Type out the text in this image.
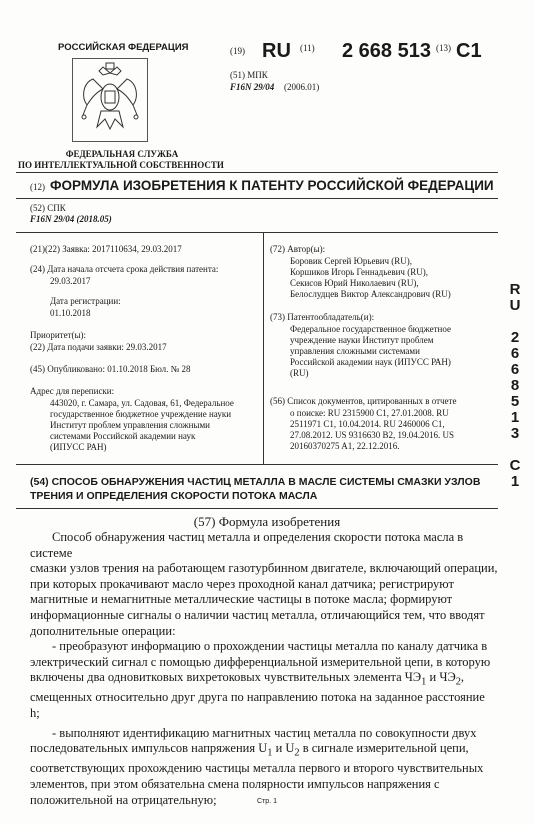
РОССИЙСКАЯ ФЕДЕРАЦИЯ	(19) RU (11) 2 668 513 (13) C1
(51) МПК
F16N 29/04 (2006.01)
ФЕДЕРАЛЬНАЯ СЛУЖБА
ПО ИНТЕЛЛЕКТУАЛЬНОЙ СОБСТВЕННОСТИ
(12) ФОРМУЛА ИЗОБРЕТЕНИЯ К ПАТЕНТУ РОССИЙСКОЙ ФЕДЕРАЦИИ
(52) СПК
F16N 29/04 (2018.05)
(21)(22) Заявка: 2017110634, 29.03.2017
(24) Дата начала отсчета срока действия патента:
29.03.2017
Дата регистрации:
01.10.2018
Приоритет(ы):
(22) Дата подачи заявки: 29.03.2017
(45) Опубликовано: 01.10.2018 Бюл. № 28
Адрес для переписки:
443020, г. Самара, ул. Садовая, 61, Федеральное
государственное бюджетное учреждение науки
Институт проблем управления сложными
системами Российской академии наук
(ИПУСС РАН)
(72) Автор(ы):
Боровик Сергей Юрьевич (RU),
Коршиков Игорь Геннадьевич (RU),
Секисов Юрий Николаевич (RU),
Белослудцев Виктор Александрович (RU)
(73) Патентообладатель(и):
Федеральное государственное бюджетное
учреждение науки Институт проблем
управления сложными системами
Российской академии наук (ИПУСС РАН)
(RU)
(56) Список документов, цитированных в отчете
о поиске: RU 2315900 C1, 27.01.2008. RU
2511971 C1, 10.04.2014. RU 2460006 C1,
27.08.2012. US 9316630 B2, 19.04.2016. US
20160370275 A1, 22.12.2016.
R
U
2
6
6
8
5
1
3
C
1
(54) СПОСОБ ОБНАРУЖЕНИЯ ЧАСТИЦ МЕТАЛЛА В МАСЛЕ СИСТЕМЫ СМАЗКИ УЗЛОВ
ТРЕНИЯ И ОПРЕДЕЛЕНИЯ СКОРОСТИ ПОТОКА МАСЛА
(57) Формула изобретения

Способ обнаружения частиц металла и определения скорости потока масла в системе

смазки узлов трения на работающем газотурбинном двигателе, включающий операции,

при которых прокачивают масло через проходной канал датчика; регистрируют

магнитные и немагнитные металлические частицы в потоке масла; формируют

информационные сигналы о наличии частиц металла, отличающийся тем, что вводят

дополнительные операции:

- преобразуют информацию о прохождении частицы металла по каналу датчика в

электрический сигнал с помощью дифференциальной измерительной цепи, в которую

включены два одновитковых вихретоковых чувствительных элемента $ЧЭ_1$ и $ЧЭ_2$,

смещенных относительно друг друга по направлению потока на заданное расстояние

h;

- выполняют идентификацию магнитных частиц металла по совокупности двух

последовательных импульсов напряжения $U_1$ и $U_2$ в сигнале измерительной цепи,

соответствующих прохождению частицы металла первого и второго чувствительных

элементов, при этом обязательна смена полярности импульсов напряжения с

положительной на отрицательную;	Стр. 1
